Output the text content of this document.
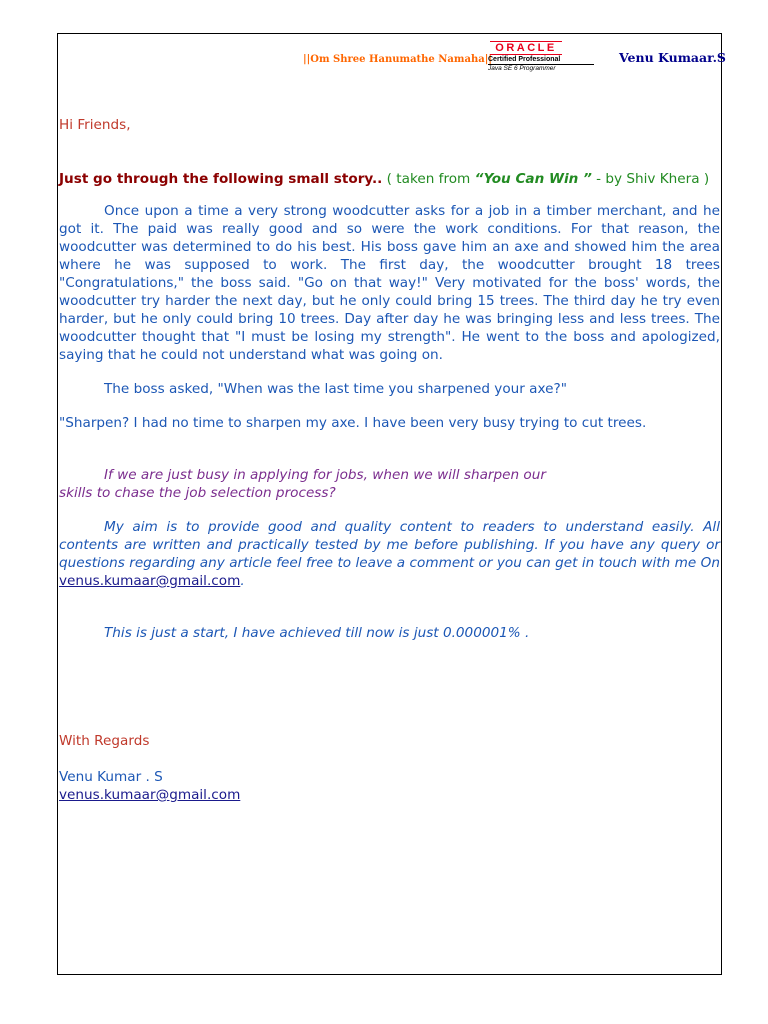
||Om Shree Hanumathe Namaha||
ORACLE
Certified Professional
Java SE 6 Programmer
Venu Kumaar.S

Hi Friends,

Just go through the following small story.. ( taken from “You Can Win ” - by Shiv Khera )

Once upon a time a very strong woodcutter asks for a job in a timber merchant, and he got it. The paid was really good and so were the work conditions. For that reason, the woodcutter was determined to do his best. His boss gave him an axe and showed him the area where he was supposed to work. The first day, the woodcutter brought 18 trees "Congratulations," the boss said. "Go on that way!" Very motivated for the boss' words, the woodcutter try harder the next day, but he only could bring 15 trees. The third day he try even harder, but he only could bring 10 trees. Day after day he was bringing less and less trees. The woodcutter thought that "I must be losing my strength". He went to the boss and apologized, saying that he could not understand what was going on.

The boss asked, "When was the last time you sharpened your axe?"

"Sharpen? I had no time to sharpen my axe. I have been very busy trying to cut trees.

If we are just busy in applying for jobs, when we will sharpen our
skills to chase the job selection process?

My aim is to provide good and quality content to readers to understand easily. All contents are written and practically tested by me before publishing. If you have any query or questions regarding any article feel free to leave a comment or you can get in touch with me On venus.kumaar@gmail.com.

This is just a start, I have achieved till now is just 0.000001% .

With Regards

Venu Kumar . S
venus.kumaar@gmail.com
